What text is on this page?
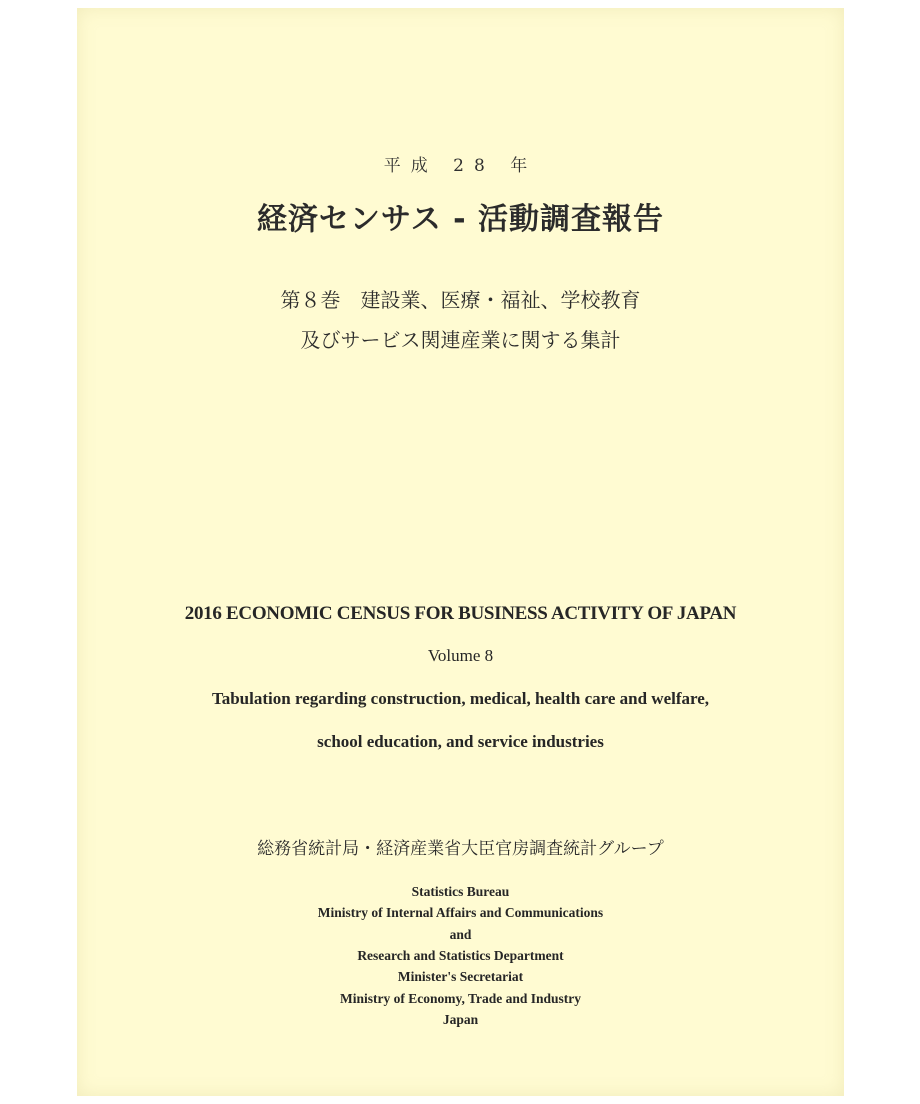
平成 28 年
経済センサス - 活動調査報告
第８巻　建設業、医療・福祉、学校教育
及びサービス関連産業に関する集計
2016 ECONOMIC CENSUS FOR BUSINESS ACTIVITY OF JAPAN
Volume 8
Tabulation regarding construction, medical, health care and welfare,
school education, and service industries
総務省統計局・経済産業省大臣官房調査統計グループ
Statistics Bureau
Ministry of Internal Affairs and Communications
and
Research and Statistics Department
Minister's Secretariat
Ministry of Economy, Trade and Industry
Japan
